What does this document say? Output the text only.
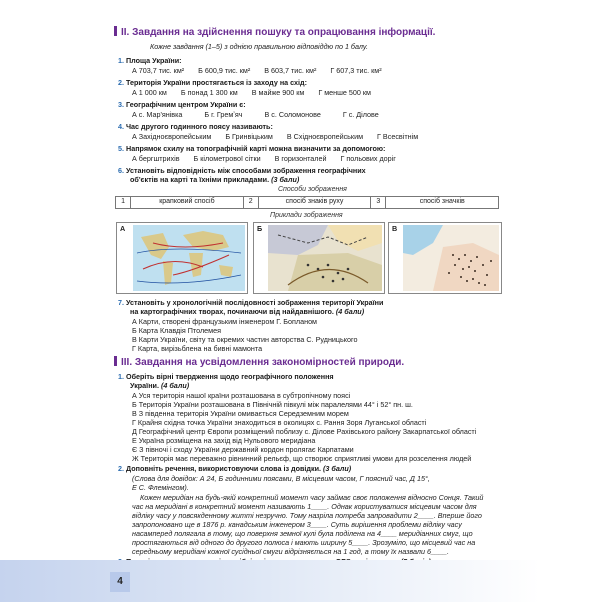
II. Завдання на здійснення пошуку та опрацювання інформації.
Кожне завдання (1–5) з однією правильною відповіддю по 1 балу.
1. Площа України:
А 703,7 тис. км² Б 600,9 тис. км² В 603,7 тис. км² Г 607,3 тис. км²
2. Територія України простягається із заходу на схід:
А 1 000 км Б понад 1 300 км В майже 900 км Г менше 500 км
3. Географічним центром України є:
А с. Мар'янівка	Б г. Гремʼяч	В с. Соломонове	Г с. Ділове
4. Час другого годинного поясу називають:
А Західноєвропейським Б Гринвіцьким В Східноєвропейським Г Всесвітнім
5. Напрямок схилу на топографічній карті можна визначити за допомогою:
А бергштрихів Б кілометрової сітки В горизонталей Г польових доріг
6. Установіть відповідність між способами зображення географічних
об'єктів на карті та їхніми прикладами. (3 бали)
Способи зображення
1	крапковий спосіб	2	спосіб знаків руху	3	спосіб значків
Приклади зображення
А	Б	В
7. Установіть у хронологічній послідовності зображення території України
на картографічних творах, починаючи від найдавнішого. (4 бали)
А Карти, створені французьким інженером Г. Бопланом
Б Карта Клавдія Птолемея
В Карти України, світу та окремих частин авторства С. Рудницького
Г Карта, вирізьблена на бивні мамонта
III. Завдання на усвідомлення закономірностей природи.
1. Оберіть вірні твердження щодо географічного положення
України. (4 бали)
А Уся територія нашої країни розташована в субтропічному поясі
Б Територія України розташована в Північній півкулі між паралелями 44° і 52° пн. ш.
В З південна територія України омивається Середземним морем
Г Крайня східна точка України знаходиться в околицях с. Рання Зоря Луганської області
Д Географічний центр Європи розміщений поблизу с. Ділове Рахівського району Закарпатської області
Е Україна розміщена на захід від Нульового меридіана
Є З півночі і сходу України державний кордон пролягає Карпатами
Ж Територія має переважно рівнинний рельєф, що створює сприятливі умови для розселення людей
2. Доповніть речення, використовуючи слова із довідки. (3 бали)
(Слова для довідок: А 24, Б годинними поясами, В місцевим часом, Г поясний час, Д 15°,
Е С. Флемінгом).
Кожен меридіан на будь-якій конкретний момент часу займає своє положення відносно Сонця. Такий
час на меридіані в конкретний момент називають 1____. Однак користуватися місцевим часом для
відліку часу у повсякденному житті незручно. Тому назріла потреба запровадити 2____. Вперше його
запропоновано ще в 1876 р. канадським інженером 3____. Суть вирішення проблеми відліку часу
насамперед полягала в тому, що поверхня земної кулі була поділена на 4____ меридіанних смуг, що
простягаються від одного до другого полюса і мають ширину 5____. Зрозуміло, що місцевий час на
середньому меридіані кожної сусідньої смуги відрізняється на 1 год, а тому їх назвали 6____.
4
